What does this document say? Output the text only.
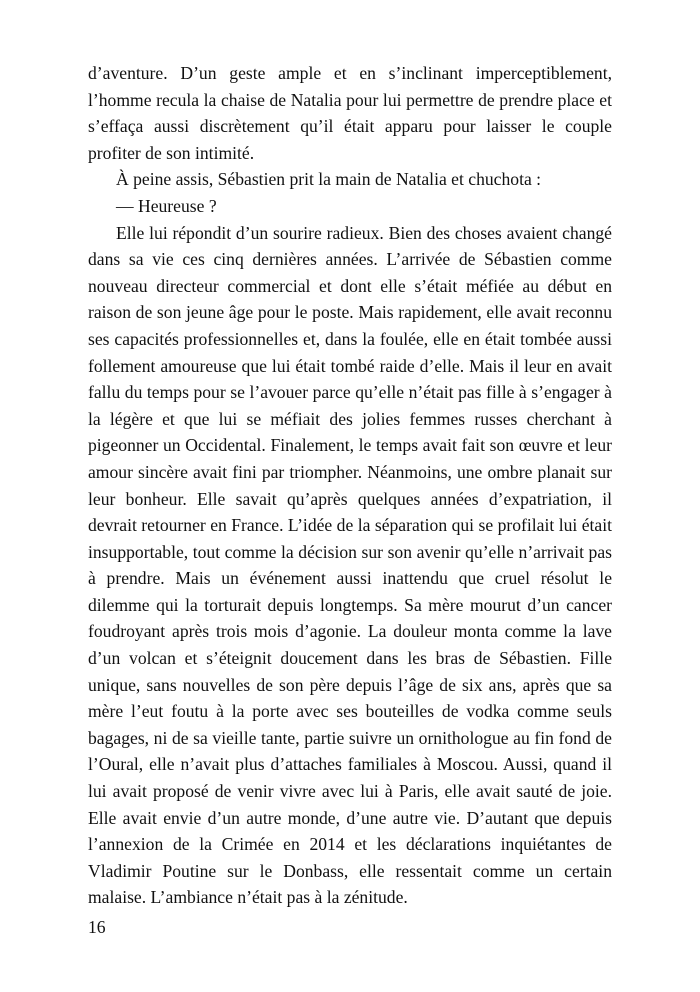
d’aventure. D’un geste ample et en s’inclinant imperceptiblement, l’homme recula la chaise de Natalia pour lui permettre de prendre place et s’effaça aussi discrètement qu’il était apparu pour laisser le couple profiter de son intimité.

À peine assis, Sébastien prit la main de Natalia et chuchota :

— Heureuse ?

Elle lui répondit d’un sourire radieux. Bien des choses avaient changé dans sa vie ces cinq dernières années. L’arrivée de Sébastien comme nouveau directeur commercial et dont elle s’était méfiée au début en raison de son jeune âge pour le poste. Mais rapidement, elle avait reconnu ses capacités professionnelles et, dans la foulée, elle en était tombée aussi follement amoureuse que lui était tombé raide d’elle. Mais il leur en avait fallu du temps pour se l’avouer parce qu’elle n’était pas fille à s’engager à la légère et que lui se méfiait des jolies femmes russes cherchant à pigeonner un Occidental. Finalement, le temps avait fait son œuvre et leur amour sincère avait fini par triompher. Néanmoins, une ombre planait sur leur bonheur. Elle savait qu’après quelques années d’expatriation, il devrait retourner en France. L’idée de la séparation qui se profilait lui était insupportable, tout comme la décision sur son avenir qu’elle n’arrivait pas à prendre. Mais un événement aussi inattendu que cruel résolut le dilemme qui la torturait depuis longtemps. Sa mère mourut d’un cancer foudroyant après trois mois d’agonie. La douleur monta comme la lave d’un volcan et s’éteignit doucement dans les bras de Sébastien. Fille unique, sans nouvelles de son père depuis l’âge de six ans, après que sa mère l’eut foutu à la porte avec ses bouteilles de vodka comme seuls bagages, ni de sa vieille tante, partie suivre un ornithologue au fin fond de l’Oural, elle n’avait plus d’attaches familiales à Moscou. Aussi, quand il lui avait proposé de venir vivre avec lui à Paris, elle avait sauté de joie. Elle avait envie d’un autre monde, d’une autre vie. D’autant que depuis l’annexion de la Crimée en 2014 et les déclarations inquiétantes de Vladimir Poutine sur le Donbass, elle ressentait comme un certain malaise. L’ambiance n’était pas à la zénitude.

16
